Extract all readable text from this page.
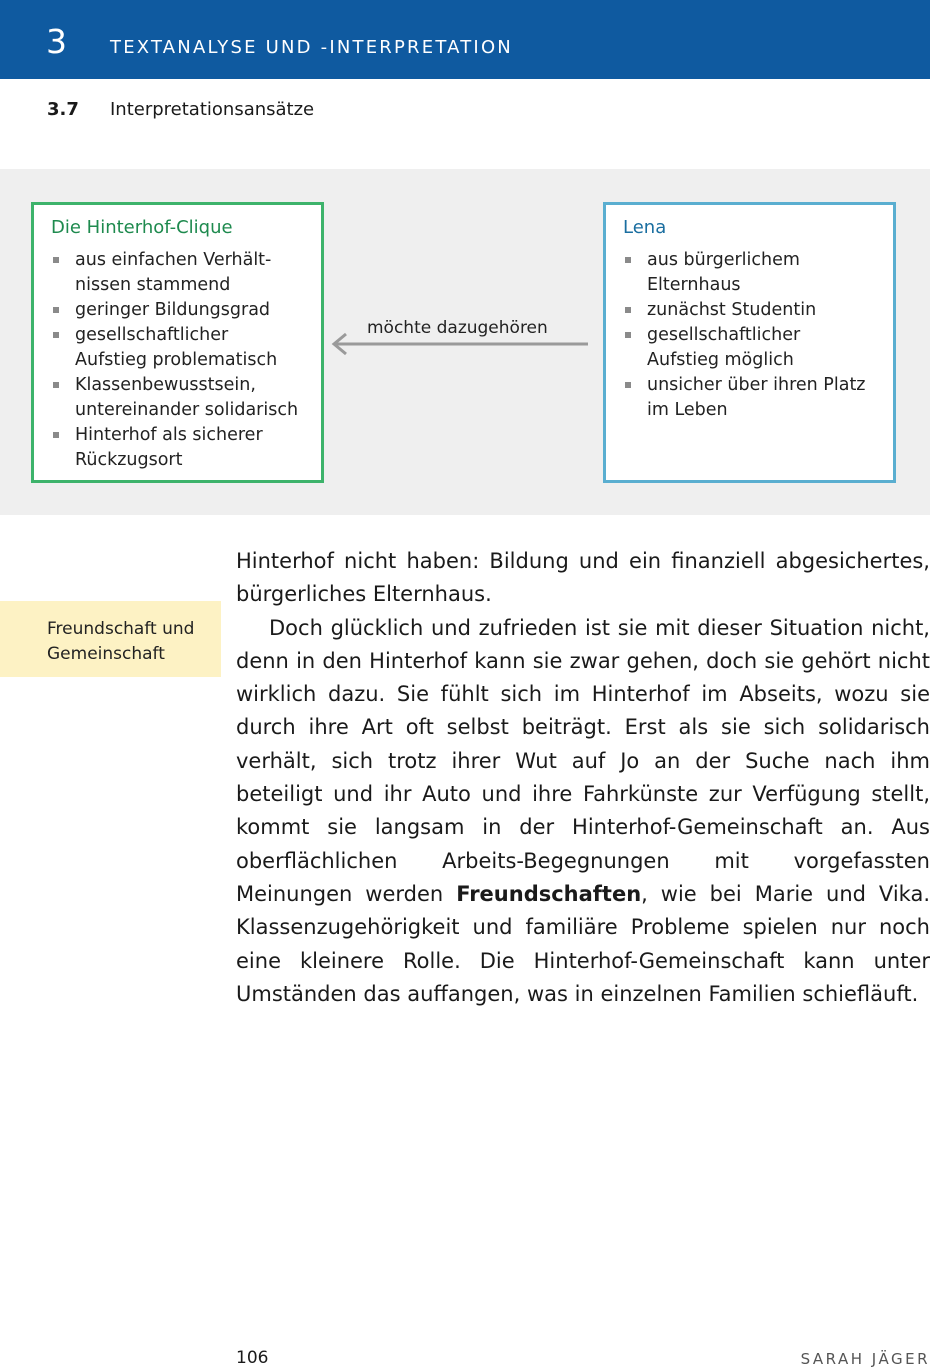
3 TEXTANALYSE UND -INTERPRETATION
3.7 Interpretationsansätze
Die Hinterhof-Clique
aus einfachen Verhält- nissen stammend
geringer Bildungsgrad
gesellschaftlicher Aufstieg problematisch
Klassenbewusstsein, untereinander solidarisch
Hinterhof als sicherer Rückzugsort
möchte dazugehören
Lena
aus bürgerlichem Elternhaus
zunächst Studentin
gesellschaftlicher Aufstieg möglich
unsicher über ihren Platz im Leben
Freundschaft und
Gemeinschaft

Hinterhof nicht haben: Bildung und ein finanziell abgesichertes, bürgerliches Elternhaus.

Doch glücklich und zufrieden ist sie mit dieser Situation nicht, denn in den Hinterhof kann sie zwar gehen, doch sie gehört nicht wirklich dazu. Sie fühlt sich im Hinterhof im Abseits, wozu sie durch ihre Art oft selbst beiträgt. Erst als sie sich solidarisch verhält, sich trotz ihrer Wut auf Jo an der Suche nach ihm beteiligt und ihr Auto und ihre Fahrkünste zur Verfügung stellt, kommt sie langsam in der Hinterhof-Gemeinschaft an. Aus oberflächlichen Arbeits-Begegnungen mit vorgefassten Meinungen werden Freundschaften, wie bei Marie und Vika. Klassenzugehörigkeit und familiäre Probleme spielen nur noch eine kleinere Rolle. Die Hinterhof-Gemeinschaft kann unter Umständen das auffangen, was in einzelnen Familien schiefläuft.

106	SARAH JÄGER
